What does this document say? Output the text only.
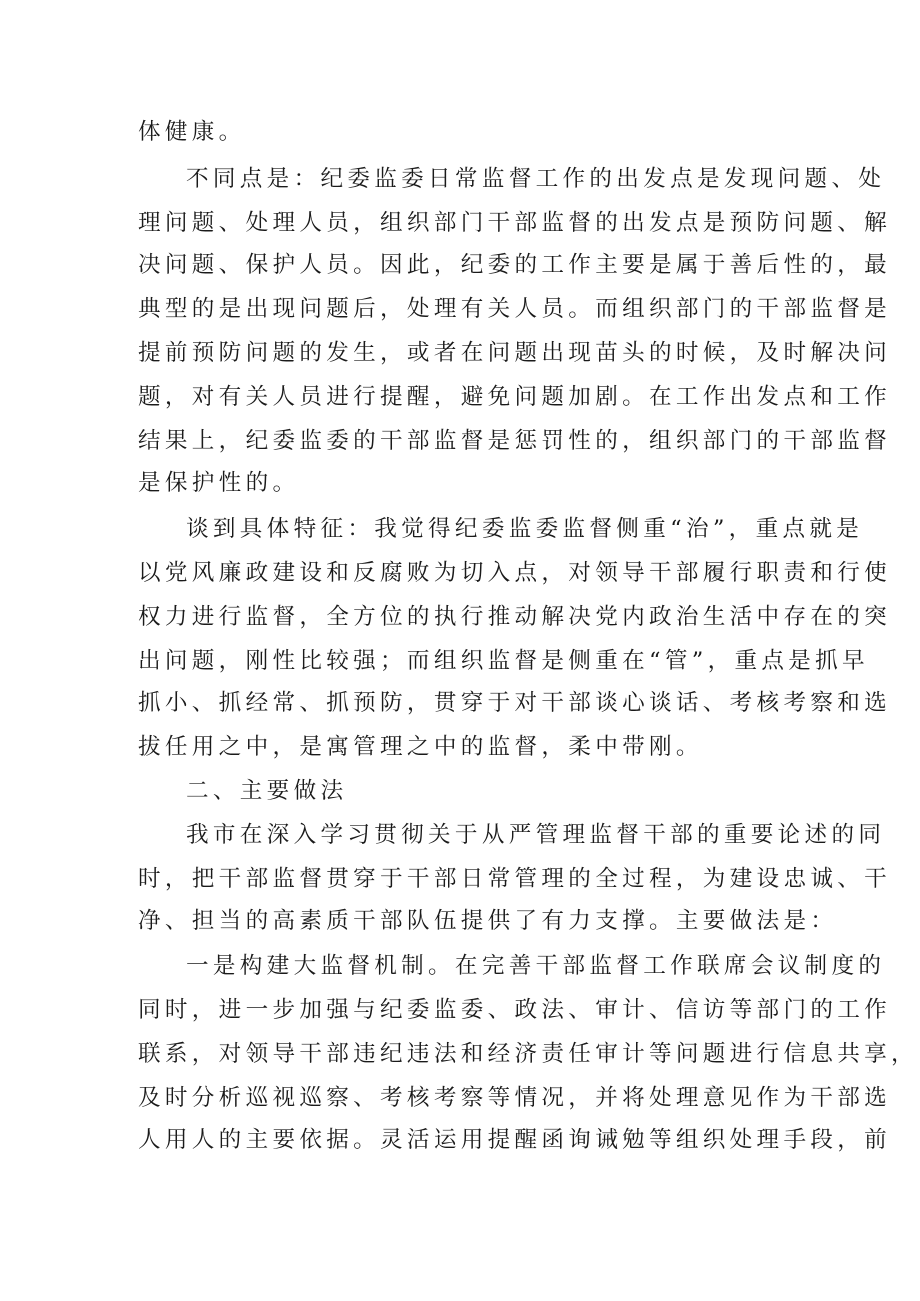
体健康。
不同点是：纪委监委日常监督工作的出发点是发现问题、处
理问题、处理人员，组织部门干部监督的出发点是预防问题、解
决问题、保护人员。因此，纪委的工作主要是属于善后性的，最
典型的是出现问题后，处理有关人员。而组织部门的干部监督是
提前预防问题的发生，或者在问题出现苗头的时候，及时解决问
题，对有关人员进行提醒，避免问题加剧。在工作出发点和工作
结果上，纪委监委的干部监督是惩罚性的，组织部门的干部监督
是保护性的。
谈到具体特征：我觉得纪委监委监督侧重“治”，重点就是
以党风廉政建设和反腐败为切入点，对领导干部履行职责和行使
权力进行监督，全方位的执行推动解决党内政治生活中存在的突
出问题，刚性比较强；而组织监督是侧重在“管”，重点是抓早
抓小、抓经常、抓预防，贯穿于对干部谈心谈话、考核考察和选
拔任用之中，是寓管理之中的监督，柔中带刚。
二、主要做法
我市在深入学习贯彻关于从严管理监督干部的重要论述的同
时，把干部监督贯穿于干部日常管理的全过程，为建设忠诚、干
净、担当的高素质干部队伍提供了有力支撑。主要做法是：
一是构建大监督机制。在完善干部监督工作联席会议制度的
同时，进一步加强与纪委监委、政法、审计、信访等部门的工作
联系，对领导干部违纪违法和经济责任审计等问题进行信息共享，
及时分析巡视巡察、考核考察等情况，并将处理意见作为干部选
人用人的主要依据。灵活运用提醒函询诫勉等组织处理手段，前
